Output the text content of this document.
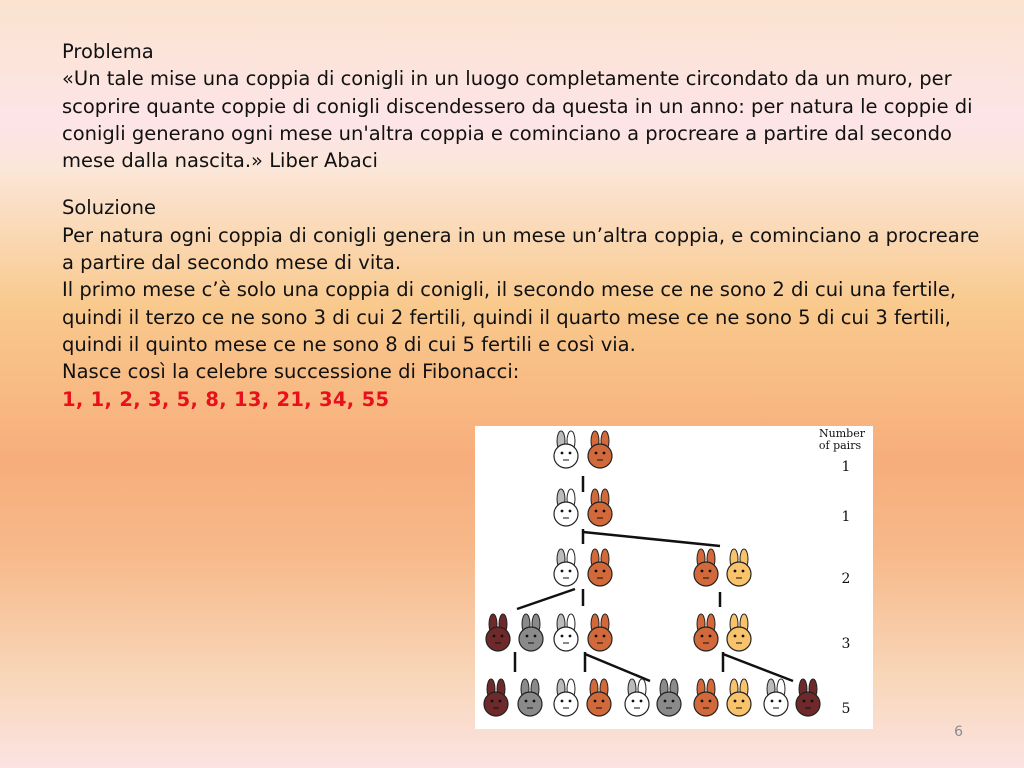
Problema

«Un tale mise una coppia di conigli in un luogo completamente circondato da un muro, per scoprire quante coppie di conigli discendessero da questa in un anno: per natura le coppie di conigli generano ogni mese un'altra coppia e cominciano a procreare a partire dal secondo mese dalla nascita.» Liber Abaci

Soluzione

Per natura ogni coppia di conigli genera in un mese un’altra coppia, e cominciano a procreare a partire dal secondo mese di vita.

Il primo mese c’è solo una coppia di conigli, il secondo mese ce ne sono 2 di cui una fertile, quindi il terzo ce ne sono 3 di cui 2 fertili, quindi il quarto mese ce ne sono 5 di cui 3 fertili, quindi il quinto mese ce ne sono 8 di cui 5 fertili e così via.

Nasce così la celebre successione di Fibonacci:

1, 1, 2, 3, 5, 8, 13, 21, 34, 55

Number
of pairs
1
1
2
3
5
6
